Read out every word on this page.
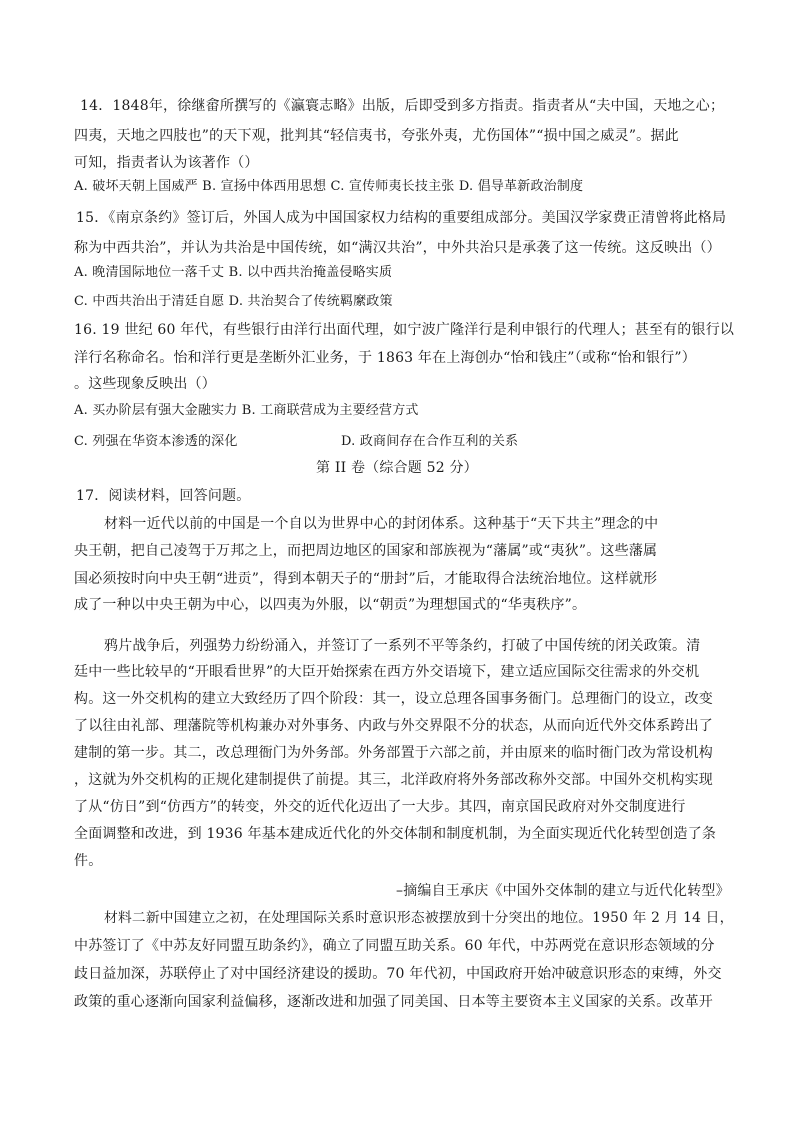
14．1848年，徐继畲所撰写的《瀛寰志略》出版，后即受到多方指责。指责者从“夫中国，天地之心；

四夷，天地之四肢也”的天下观，批判其“轻信夷书，夸张外夷，尤伤国体”“损中国之威灵”。据此

可知，指责者认为该著作（）

A. 破坏天朝上国威严 B. 宣扬中体西用思想 C. 宣传师夷长技主张 D. 倡导革新政治制度

15．《南京条约》签订后，外国人成为中国国家权力结构的重要组成部分。美国汉学家费正清曾将此格局

称为中西共治”，并认为共治是中国传统，如“满汉共治”，中外共治只是承袭了这一传统。这反映出（）

A. 晚清国际地位一落千丈 B. 以中西共治掩盖侵略实质

C. 中西共治出于清廷自愿 D. 共治契合了传统羁縻政策

16. 19 世纪 60 年代，有些银行由洋行出面代理，如宁波广隆洋行是利申银行的代理人；甚至有的银行以

洋行名称命名。怡和洋行更是垄断外汇业务，于 1863 年在上海创办“怡和钱庄”（或称“怡和银行”）

。这些现象反映出（）

A. 买办阶层有强大金融实力 B. 工商联营成为主要经营方式

C. 列强在华资本渗透的深化	D. 政商间存在合作互利的关系

第 II 卷（综合题 52 分）

17．阅读材料，回答问题。

材料一近代以前的中国是一个自以为世界中心的封闭体系。这种基于“天下共主”理念的中

央王朝，把自己凌驾于万邦之上，而把周边地区的国家和部族视为“藩属”或“夷狄”。这些藩属

国必须按时向中央王朝“进贡”，得到本朝天子的“册封”后，才能取得合法统治地位。这样就形

成了一种以中央王朝为中心，以四夷为外服，以“朝贡”为理想国式的“华夷秩序”。

鸦片战争后，列强势力纷纷涌入，并签订了一系列不平等条约，打破了中国传统的闭关政策。清

廷中一些比较早的“开眼看世界”的大臣开始探索在西方外交语境下，建立适应国际交往需求的外交机

构。这一外交机构的建立大致经历了四个阶段：其一，设立总理各国事务衙门。总理衙门的设立，改变

了以往由礼部、理藩院等机构兼办对外事务、内政与外交界限不分的状态，从而向近代外交体系跨出了

建制的第一步。其二，改总理衙门为外务部。外务部置于六部之前，并由原来的临时衙门改为常设机构

，这就为外交机构的正规化建制提供了前提。其三，北洋政府将外务部改称外交部。中国外交机构实现

了从“仿日”到“仿西方”的转变，外交的近代化迈出了一大步。其四，南京国民政府对外交制度进行

全面调整和改进，到 1936 年基本建成近代化的外交体制和制度机制，为全面实现近代化转型创造了条

件。

–摘编自王承庆《中国外交体制的建立与近代化转型》

材料二新中国建立之初，在处理国际关系时意识形态被摆放到十分突出的地位。1950 年 2 月 14 日，

中苏签订了《中苏友好同盟互助条约》，确立了同盟互助关系。60 年代，中苏两党在意识形态领域的分

歧日益加深，苏联停止了对中国经济建设的援助。70 年代初，中国政府开始冲破意识形态的束缚，外交

政策的重心逐渐向国家利益偏移，逐渐改进和加强了同美国、日本等主要资本主义国家的关系。改革开
